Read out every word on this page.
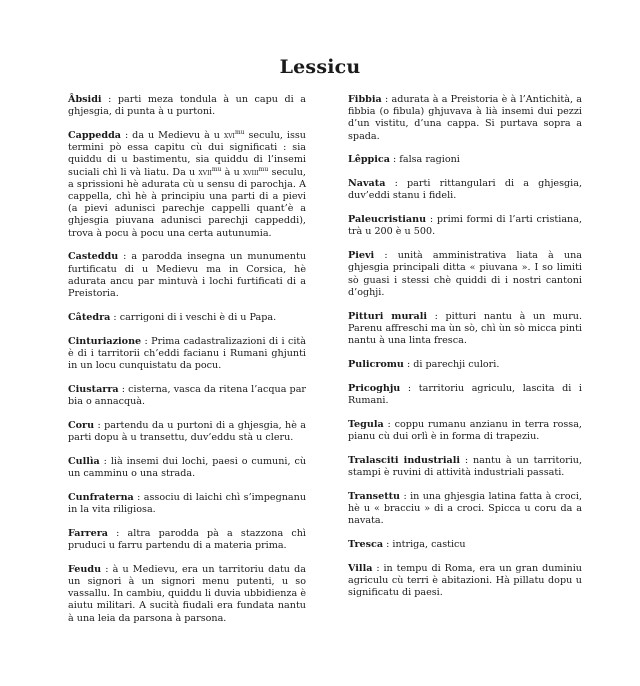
Lessicu

Âbsidi : parti meza tondula à un capu di a ghjesgia, di punta à u purtoni.

Cappedda : da u Medievu à u xvi$^{mu}$ seculu, issu termini pò essa capitu cù dui significati : sia quiddu di u bastimentu, sia quiddu di l’insemi suciali chì li và liatu. Da u xvii$^{mu}$ à u xviii$^{mu}$ seculu, a sprissioni hè adurata cù u sensu di parochja. A cappella, chì hè à principiu una parti di a pievi (a pievi adunisci parechje cappelli quant’è a ghjesgia piuvana adunisci parechji cappeddi), trova à pocu à pocu una certa autunumia.

Casteddu : a parodda insegna un munumentu furtificatu di u Medievu ma in Corsica, hè adurata ancu par mintuvà i lochi furtificati di a Preistoria.

Câtedra : carrigoni di i veschi è di u Papa.

Cinturiazione : Prima cadastralizazioni di i cità è di i tarritorii ch’eddi facianu i Rumani ghjunti in un locu cunquistatu da pocu.

Ciustarra : cisterna, vasca da ritena l’acqua par bia o annacquà.

Coru : partendu da u purtoni di a ghjesgia, hè a parti dopu à u transettu, duv’eddu stà u cleru.

Cullìa : lià insemi dui lochi, paesi o cumuni, cù un camminu o una strada.

Cunfraterna : associu di laichi chì s’impegnanu in la vita riligiosa.

Farrera : altra parodda pà a stazzona chì pruduci u farru partendu di a materia prima.

Feudu : à u Medievu, era un tarritoriu datu da un signori à un signori menu putenti, u so vassallu. In cambiu, quiddu li duvia ubbidienza è aiutu militari. A sucità fiudali era fundata nantu à una leia da parsona à parsona.

Fibbia : adurata à a Preistoria è à l’Antichità, a fibbia (o fibula) ghjuvava à lià insemi dui pezzi d’un vistitu, d’una cappa. Si purtava sopra a spada.

Lêppica : falsa ragioni

Navata : parti rittangulari di a ghjesgia, duv’eddi stanu i fideli.

Paleucristianu : primi formi di l’arti cristiana, trà u 200 è u 500.

Pievi : unità amministrativa liata à una ghjesgia principali ditta « piuvana ». I so limiti sò guasi i stessi chè quiddi di i nostri cantoni d’oghji.

Pitturi murali : pitturi nantu à un muru. Parenu affreschi ma ùn sò, chì ùn sò micca pinti nantu à una linta fresca.

Pulicromu : di parechji culori.

Pricoghju : tarritoriu agriculu, lascita di i Rumani.

Tegula : coppu rumanu anzianu in terra rossa, pianu cù dui orlì è in forma di trapeziu.

Tralasciti industriali : nantu à un tarritoriu, stampi è ruvini di attività industriali passati.

Transettu : in una ghjesgia latina fatta à croci, hè u « bracciu » di a croci. Spicca u coru da a navata.

Tresca : intriga, casticu

Villa : in tempu di Roma, era un gran duminiu agriculu cù terri è abitazioni. Hà pillatu dopu u significatu di paesi.
